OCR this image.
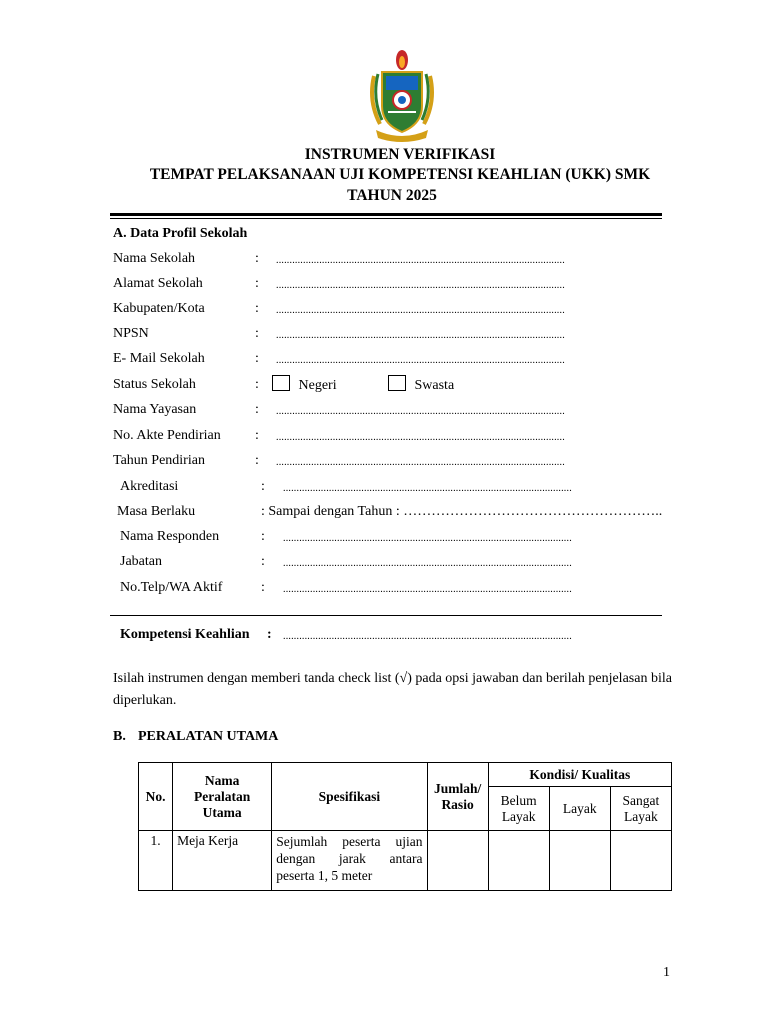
INSTRUMEN VERIFIKASI
TEMPAT PELAKSANAAN UJI KOMPETENSI KEAHLIAN (UKK) SMK
TAHUN 2025
A. Data Profil Sekolah
Nama Sekolah	: ...........................................................................................................
Alamat Sekolah	: ...........................................................................................................
Kabupaten/Kota	: ...........................................................................................................
NPSN	: ...........................................................................................................
E- Mail Sekolah	: ...........................................................................................................
Status Sekolah	:	Negeri	Swasta
Nama Yayasan	: ...........................................................................................................
No. Akte Pendirian : ...........................................................................................................
Tahun Pendirian	: ...........................................................................................................
Akreditasi	: ...........................................................................................................
Masa Berlaku	: Sampai dengan Tahun : ………………………………………………..
Nama Responden	: ...........................................................................................................
Jabatan	: ...........................................................................................................
No.Telp/WA Aktif	: ...........................................................................................................
Kompetensi Keahlian : ...........................................................................................................
Isilah instrumen dengan memberi tanda check list (√) pada opsi jawaban dan berilah penjelasan bila
diperlukan.
B. PERALATAN UTAMA
No.	Nama Peralatan Utama	Spesifikasi	Jumlah/ Rasio	Kondisi/ Kualitas		
				Belum Layak	Layak	Sangat Layak
1.	Meja Kerja	Sejumlah peserta ujian dengan jarak antara peserta 1, 5 meter				
1
